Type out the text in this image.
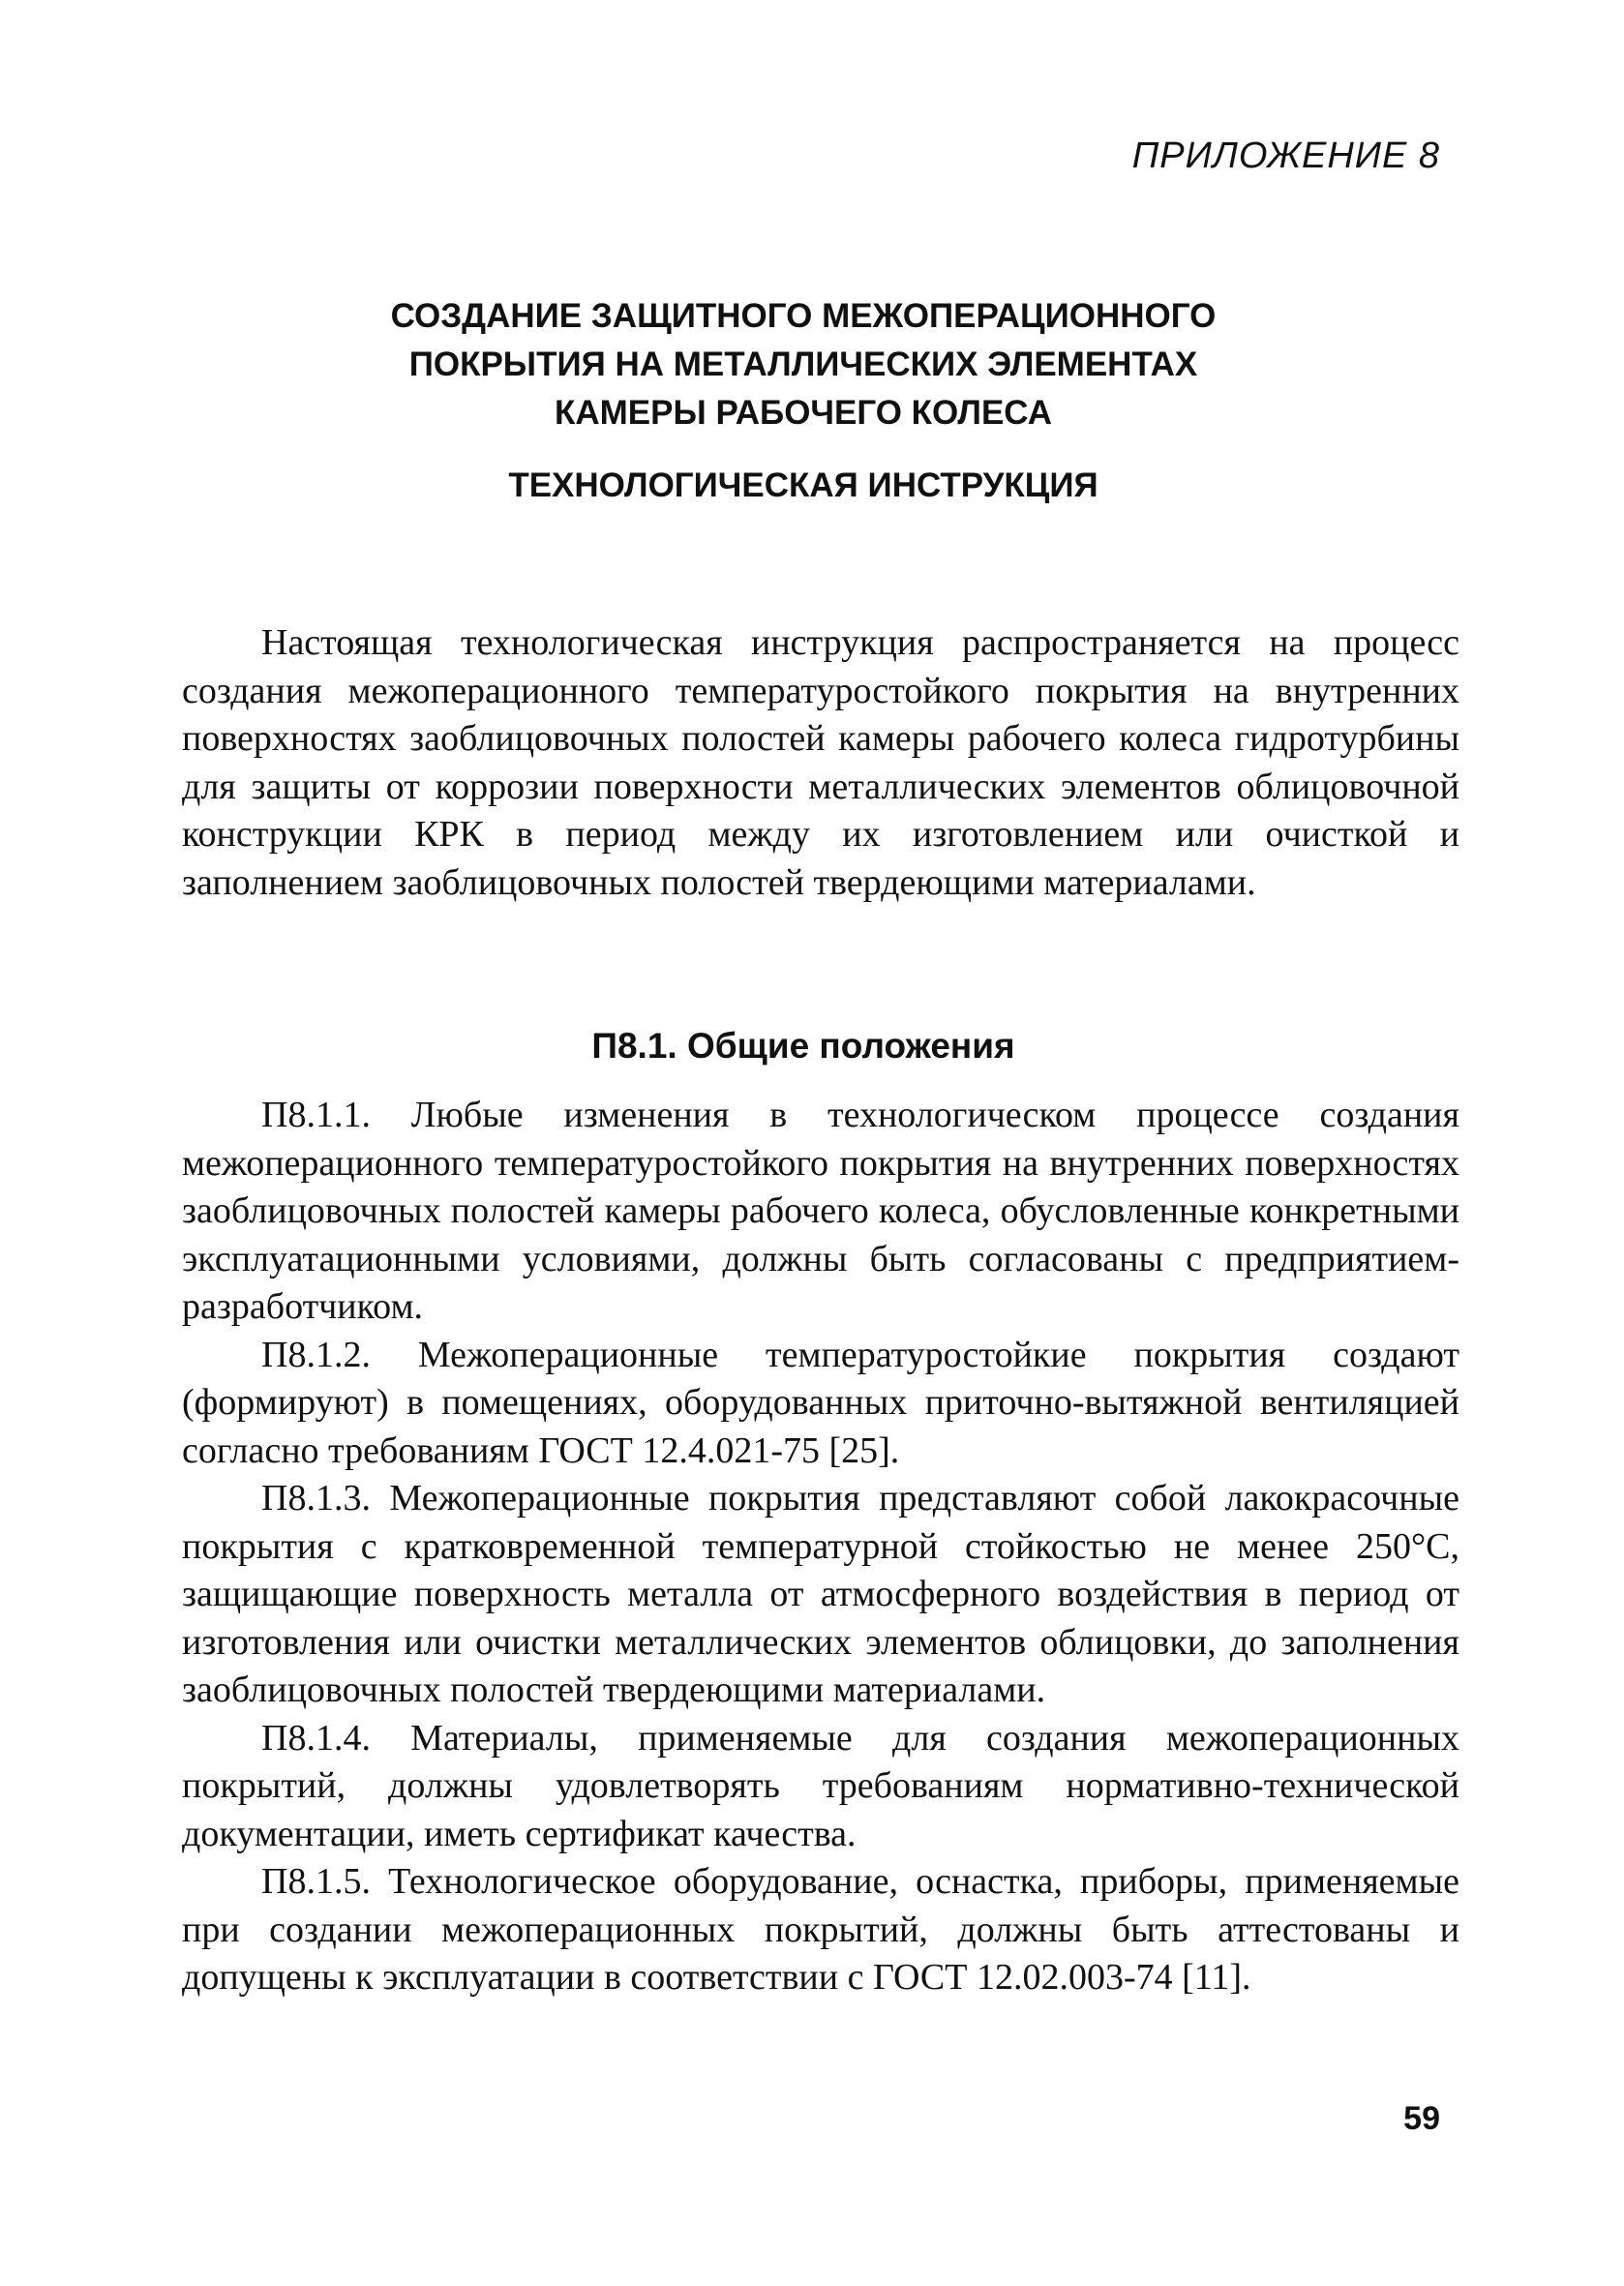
ПРИЛОЖЕНИЕ 8
СОЗДАНИЕ ЗАЩИТНОГО МЕЖОПЕРАЦИОННОГО
ПОКРЫТИЯ НА МЕТАЛЛИЧЕСКИХ ЭЛЕМЕНТАХ
КАМЕРЫ РАБОЧЕГО КОЛЕСА
ТЕХНОЛОГИЧЕСКАЯ ИНСТРУКЦИЯ

Настоящая технологическая инструкция распространяется на процесс создания межоперационного температуростойкого покрытия на внутренних поверхностях заоблицовочных полостей камеры рабочего колеса гидротурбины для защиты от коррозии поверхности металлических элементов облицовочной конструкции КРК в период между их изготовлением или очисткой и заполнением заоблицовочных полостей твердеющими материалами.

П8.1. Общие положения

П8.1.1. Любые изменения в технологическом процессе создания межоперационного температуростойкого покрытия на внутренних поверхностях заоблицовочных полостей камеры рабочего колеса, обусловленные конкретными эксплуатационными условиями, должны быть согласованы с предприятием-разработчиком.

П8.1.2. Межоперационные температуростойкие покрытия создают (формируют) в помещениях, оборудованных приточно-вытяжной вентиляцией согласно требованиям ГОСТ 12.4.021-75 [25].

П8.1.3. Межоперационные покрытия представляют собой лакокрасочные покрытия с кратковременной температурной стойкостью не менее 250°С, защищающие поверхность металла от атмосферного воздействия в период от изготовления или очистки металлических элементов облицовки, до заполнения заоблицовочных полостей твердеющими материалами.

П8.1.4. Материалы, применяемые для создания межоперационных покрытий, должны удовлетворять требованиям нормативно-технической документации, иметь сертификат качества.

П8.1.5. Технологическое оборудование, оснастка, приборы, применяемые при создании межоперационных покрытий, должны быть аттестованы и допущены к эксплуатации в соответствии с ГОСТ 12.02.003-74 [11].

59
